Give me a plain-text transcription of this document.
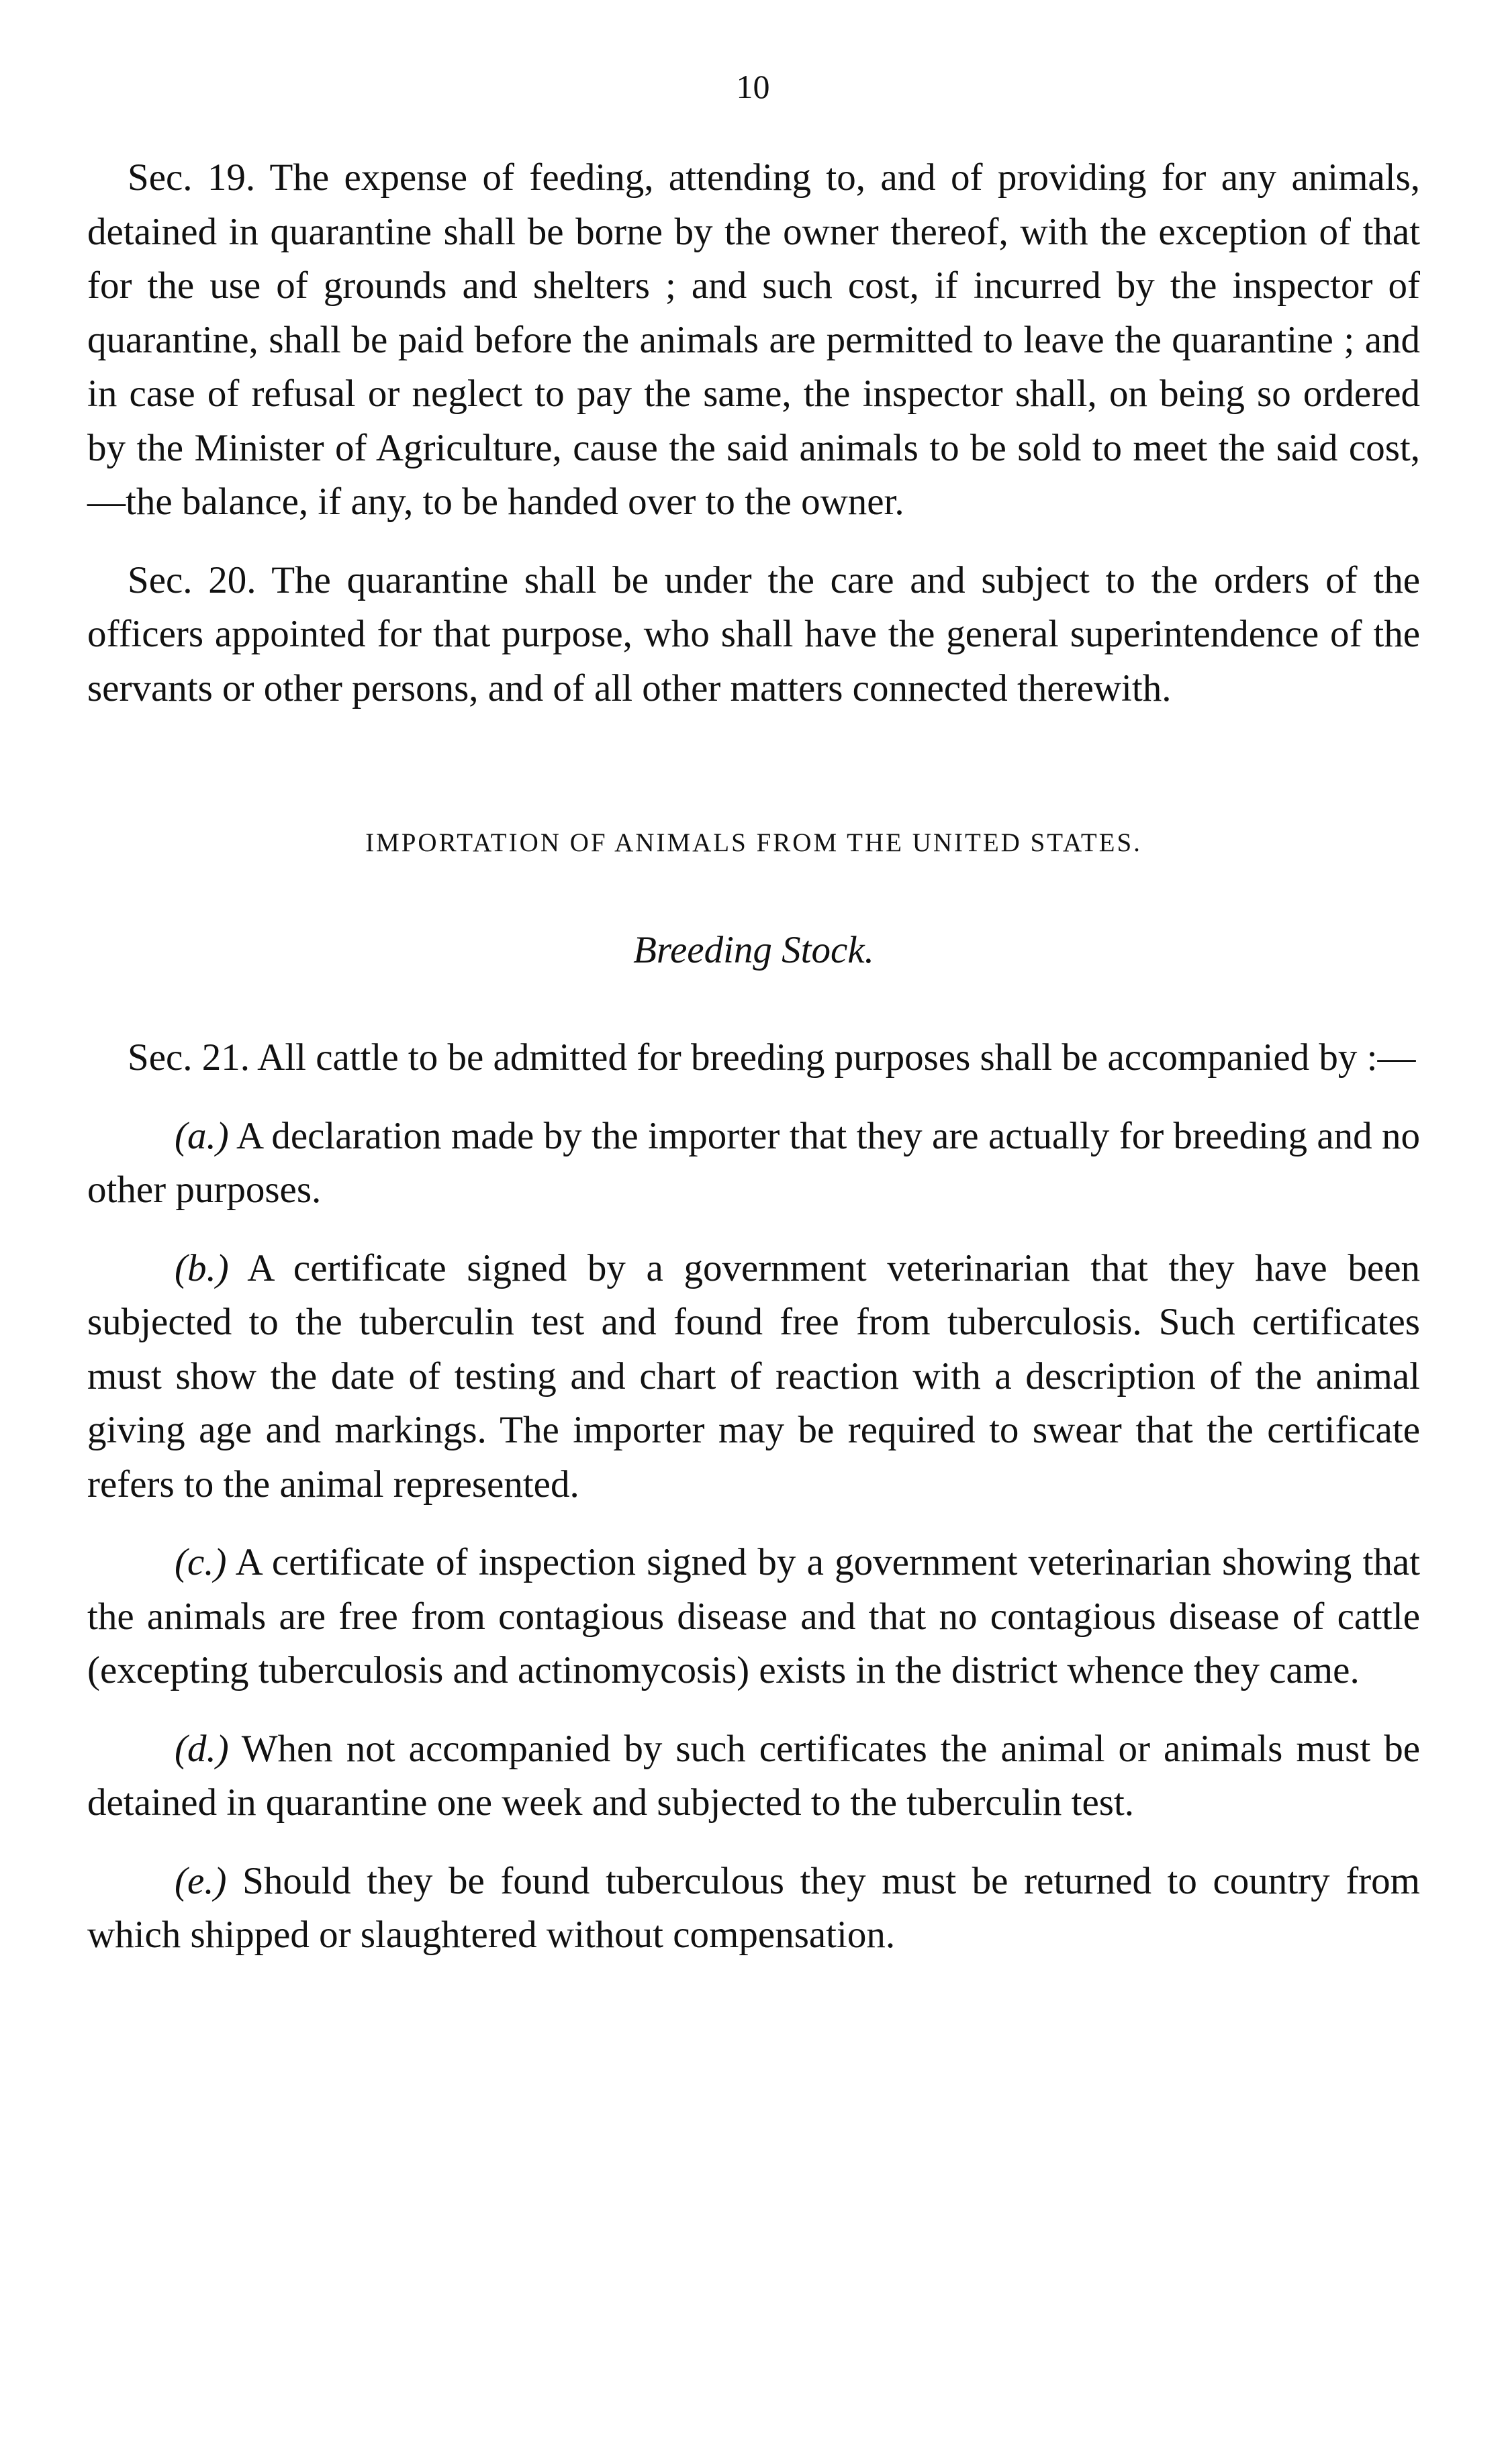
10

Sec. 19. The expense of feeding, attending to, and of providing for any animals, detained in quarantine shall be borne by the owner thereof, with the exception of that for the use of grounds and shelters ; and such cost, if incurred by the inspector of quarantine, shall be paid before the animals are permitted to leave the quarantine ; and in case of refusal or neglect to pay the same, the inspector shall, on being so ordered by the Minister of Agriculture, cause the said animals to be sold to meet the said cost,—the balance, if any, to be handed over to the owner.

Sec. 20. The quarantine shall be under the care and subject to the orders of the officers appointed for that purpose, who shall have the general superintendence of the servants or other persons, and of all other matters connected therewith.

IMPORTATION OF ANIMALS FROM THE UNITED STATES.

Breeding Stock.

Sec. 21. All cattle to be admitted for breeding purposes shall be accompanied by :—

(a.) A declaration made by the importer that they are actually for breeding and no other purposes.

(b.) A certificate signed by a government veterinarian that they have been subjected to the tuberculin test and found free from tuberculosis. Such certificates must show the date of testing and chart of reaction with a description of the animal giving age and markings. The importer may be required to swear that the certificate refers to the animal represented.

(c.) A certificate of inspection signed by a government veterinarian showing that the animals are free from contagious disease and that no contagious disease of cattle (excepting tuberculosis and actinomycosis) exists in the district whence they came.

(d.) When not accompanied by such certificates the animal or animals must be detained in quarantine one week and subjected to the tuberculin test.

(e.) Should they be found tuberculous they must be returned to country from which shipped or slaughtered without compensation.
